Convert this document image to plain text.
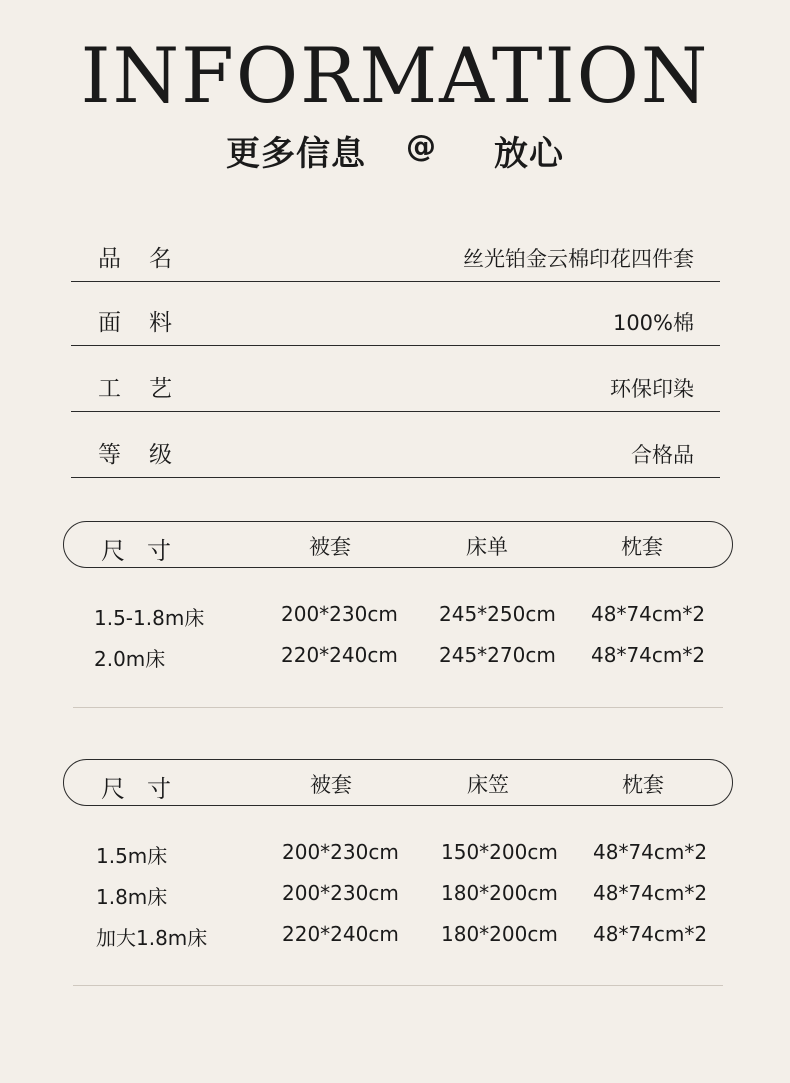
INFORMATION
更多信息 @ 放心
品名	丝光铂金云棉印花四件套
面料	100%棉
工艺	环保印染
等级	合格品
尺寸	被套	床单	枕套
1.5-1.8m床	200*230cm 245*250cm 48*74cm*2
2.0m床	220*240cm 245*270cm 48*74cm*2
尺寸	被套	床笠	枕套
1.5m床	200*230cm 150*200cm 48*74cm*2
1.8m床	200*230cm 180*200cm 48*74cm*2
加大1.8m床	220*240cm 180*200cm 48*74cm*2
